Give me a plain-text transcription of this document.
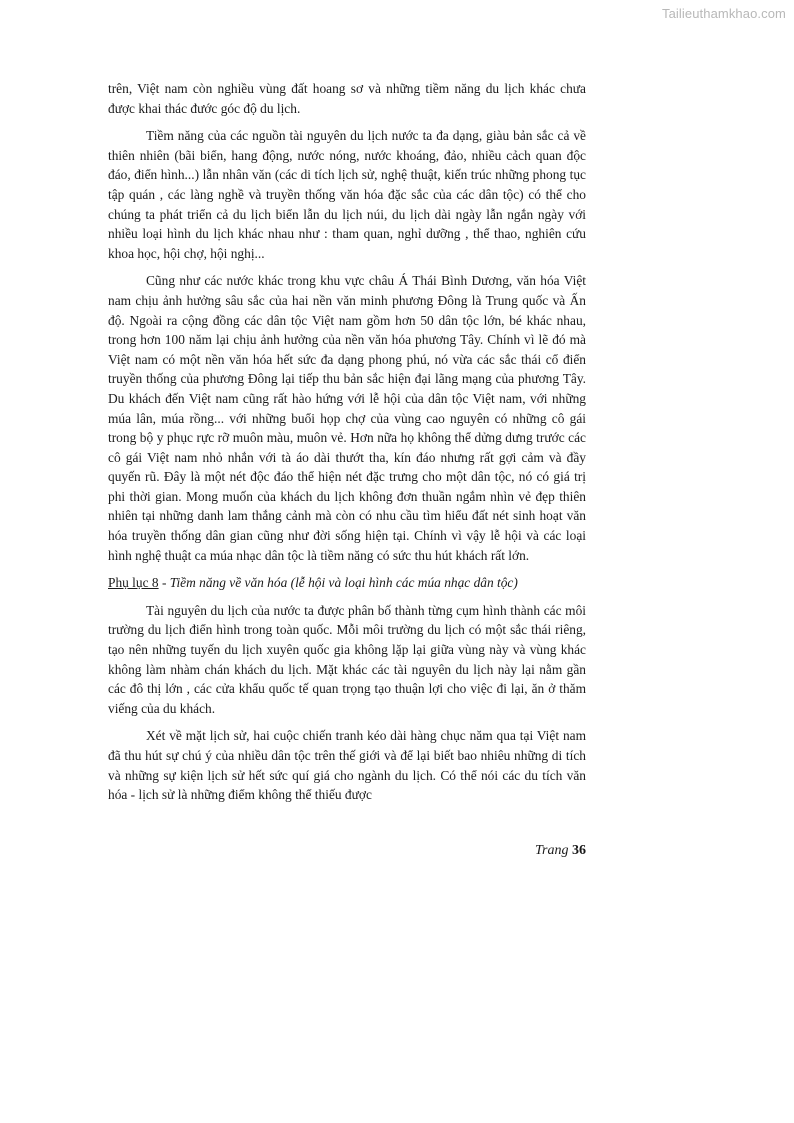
Tailieuthamkhao.com

trên, Việt nam còn nghiều vùng đất hoang sơ và những tiềm năng du lịch khác chưa được khai thác đước góc độ du lịch.

Tiềm năng của các nguồn tài nguyên du lịch nước ta đa dạng, giàu bản sắc cả về thiên nhiên (bãi biển, hang động, nước nóng, nước khoáng, đảo, nhiều cảch quan độc đáo, điển hình...) lẫn nhân văn (các di tích lịch sử, nghệ thuật, kiến trúc những phong tục tập quán , các làng nghề và truyền thống văn hóa đặc sắc của các dân tộc) có thể cho chúng ta phát triển cả du lịch biển lẫn du lịch núi, du lịch dài ngày lẫn ngắn ngày với nhiều loại hình du lịch khác nhau như : tham quan, nghỉ dưỡng , thể thao, nghiên cứu khoa học, hội chợ, hội nghị...

Cũng như các nước khác trong khu vực châu Á Thái Bình Dương, văn hóa Việt nam chịu ảnh hưởng sâu sắc của hai nền văn minh phương Đông là Trung quốc và Ấn độ. Ngoài ra cộng đồng các dân tộc Việt nam gồm hơn 50 dân tộc lớn, bé khác nhau, trong hơn 100 năm lại chịu ảnh hưởng của nền văn hóa phương Tây. Chính vì lẽ đó mà Việt nam có một nền văn hóa hết sức đa dạng phong phú, nó vừa các sắc thái cổ điển truyền thống của phương Đông lại tiếp thu bản sắc hiện đại lãng mạng của phương Tây. Du khách đến Việt nam cũng rất hào hứng với lễ hội của dân tộc Việt nam, với những múa lân, múa rồng... với những buổi họp chợ của vùng cao nguyên có những cô gái trong bộ y phục rực rỡ muôn màu, muôn vẻ. Hơn nữa họ không thể dửng dưng trước các cô gái Việt nam nhỏ nhắn với tà áo dài thướt tha, kín đáo nhưng rất gợi cảm và đầy quyến rũ. Đây là một nét độc đáo thể hiện nét đặc trưng cho một dân tộc, nó có giá trị phi thời gian. Mong muốn của khách du lịch không đơn thuần ngắm nhìn vẻ đẹp thiên nhiên tại những danh lam thắng cảnh mà còn có nhu cầu tìm hiểu đất nét sinh hoạt văn hóa truyền thống dân gian cũng như đời sống hiện tại. Chính vì vậy lễ hội và các loại hình nghệ thuật ca múa nhạc dân tộc là tiềm năng có sức thu hút khách rất lớn.

Phụ lục 8 - Tiềm năng về văn hóa (lễ hội và loại hình các múa nhạc dân tộc)

Tài nguyên du lịch của nước ta được phân bố thành từng cụm hình thành các môi trường du lịch điển hình trong toàn quốc. Mỗi môi trường du lịch có một sắc thái riêng, tạo nên những tuyến du lịch xuyên quốc gia không lặp lại giữa vùng này và vùng khác không làm nhàm chán khách du lịch. Mặt khác các tài nguyên du lịch này lại nằm gần các đô thị lớn , các cửa khẩu quốc tế quan trọng tạo thuận lợi cho việc đi lại, ăn ở thăm viếng của du khách.

Xét về mặt lịch sử, hai cuộc chiến tranh kéo dài hàng chục năm qua tại Việt nam đã thu hút sự chú ý của nhiều dân tộc trên thế giới và để lại biết bao nhiêu những di tích và những sự kiện lịch sử hết sức quí giá cho ngành du lịch. Có thể nói các du tích văn hóa - lịch sử là những điểm không thể thiếu được

Trang 36
